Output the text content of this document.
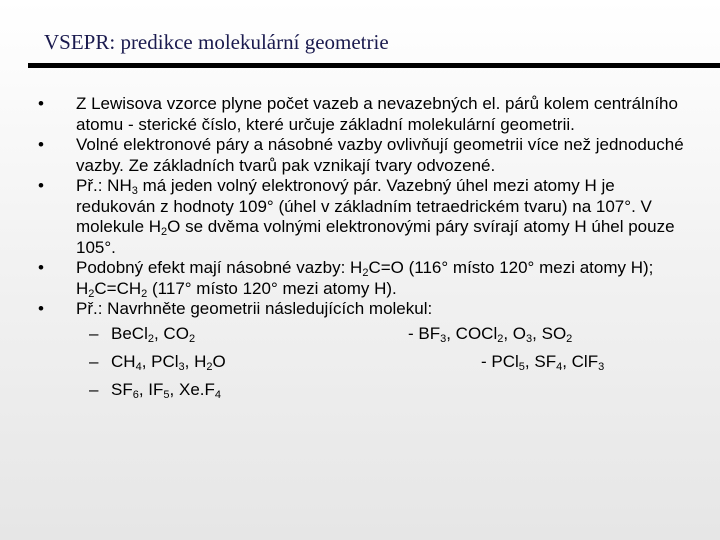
VSEPR: predikce molekulární geometrie

•	Z Lewisova vzorce plyne počet vazeb a nevazebných el. párů kolem centrálního atomu - sterické číslo, které určuje základní molekulární geometrii.

•	Volné elektronové páry a násobné vazby ovlivňují geometrii více než jednoduché vazby. Ze základních tvarů pak vznikají tvary odvozené.

•	Př.: $NH_3$ má jeden volný elektronový pár. Vazebný úhel mezi atomy H je redukován z hodnoty 109° (úhel v základním tetraedrickém tvaru) na 107°. V molekule $H_2O$ se dvěma volnými elektronovými páry svírají atomy H úhel pouze 105°.

•	Podobný efekt mají násobné vazby: $H_2C=O$ (116° místo 120° mezi atomy H); $H_2C=CH_2$ (117° místo 120° mezi atomy H).

•	Př.: Navrhněte geometrii následujících molekul:

– BeCl$_2$, $CO_2$	- $BF_3$, COCl$_2$, $O_3$, $SO_2$
– $CH_4$, PCl$_3$, $H_2O$	- PCl$_5$, $SF_4$, ClF$_3$
– $SF_6$, $IF_5$, $Xe.F_4$
